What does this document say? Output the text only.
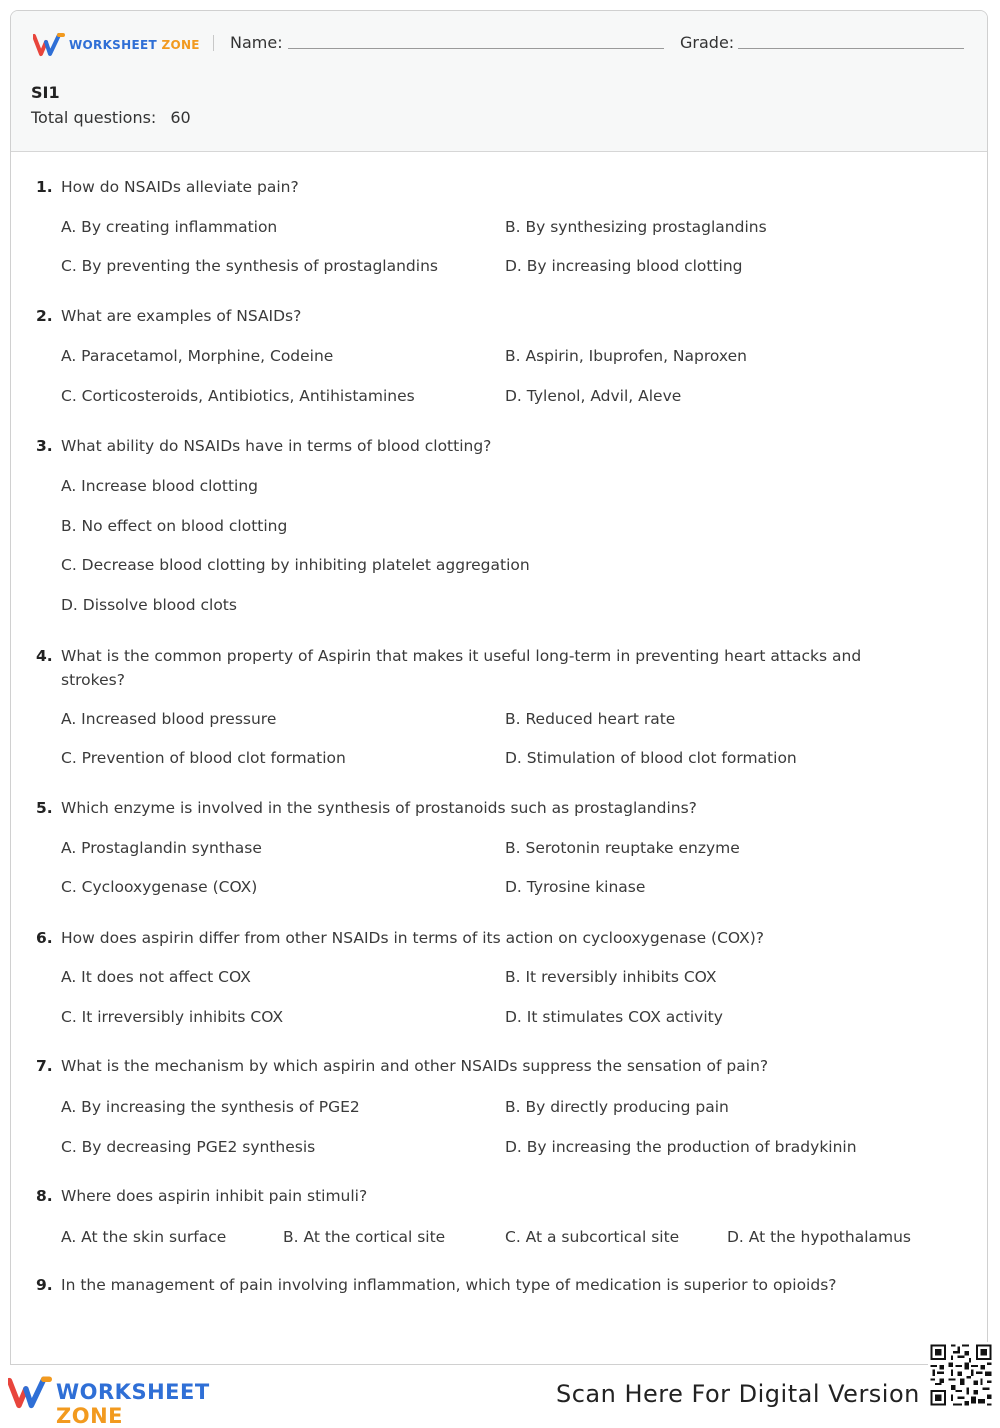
WORKSHEET ZONE Name:	Grade:
SI1
Total questions: 60
1. How do NSAIDs alleviate pain?
A. By creating inflammation	B. By synthesizing prostaglandins
C. By preventing the synthesis of prostaglandins	D. By increasing blood clotting
2. What are examples of NSAIDs?
A. Paracetamol, Morphine, Codeine	B. Aspirin, Ibuprofen, Naproxen
C. Corticosteroids, Antibiotics, Antihistamines	D. Tylenol, Advil, Aleve
3. What ability do NSAIDs have in terms of blood clotting?
A. Increase blood clotting
B. No effect on blood clotting
C. Decrease blood clotting by inhibiting platelet aggregation
D. Dissolve blood clots
4. What is the common property of Aspirin that makes it useful long-term in preventing heart attacks and strokes?
A. Increased blood pressure	B. Reduced heart rate
C. Prevention of blood clot formation	D. Stimulation of blood clot formation
5. Which enzyme is involved in the synthesis of prostanoids such as prostaglandins?
A. Prostaglandin synthase	B. Serotonin reuptake enzyme
C. Cyclooxygenase (COX)	D. Tyrosine kinase
6. How does aspirin differ from other NSAIDs in terms of its action on cyclooxygenase (COX)?
A. It does not affect COX	B. It reversibly inhibits COX
C. It irreversibly inhibits COX	D. It stimulates COX activity
7. What is the mechanism by which aspirin and other NSAIDs suppress the sensation of pain?
A. By increasing the synthesis of PGE2	B. By directly producing pain
C. By decreasing PGE2 synthesis	D. By increasing the production of bradykinin
8. Where does aspirin inhibit pain stimuli?
A. At the skin surface	B. At the cortical site	C. At a subcortical site	D. At the hypothalamus
9. In the management of pain involving inflammation, which type of medication is superior to opioids?
WORKSHEET ZONE
Scan Here For Digital Version
